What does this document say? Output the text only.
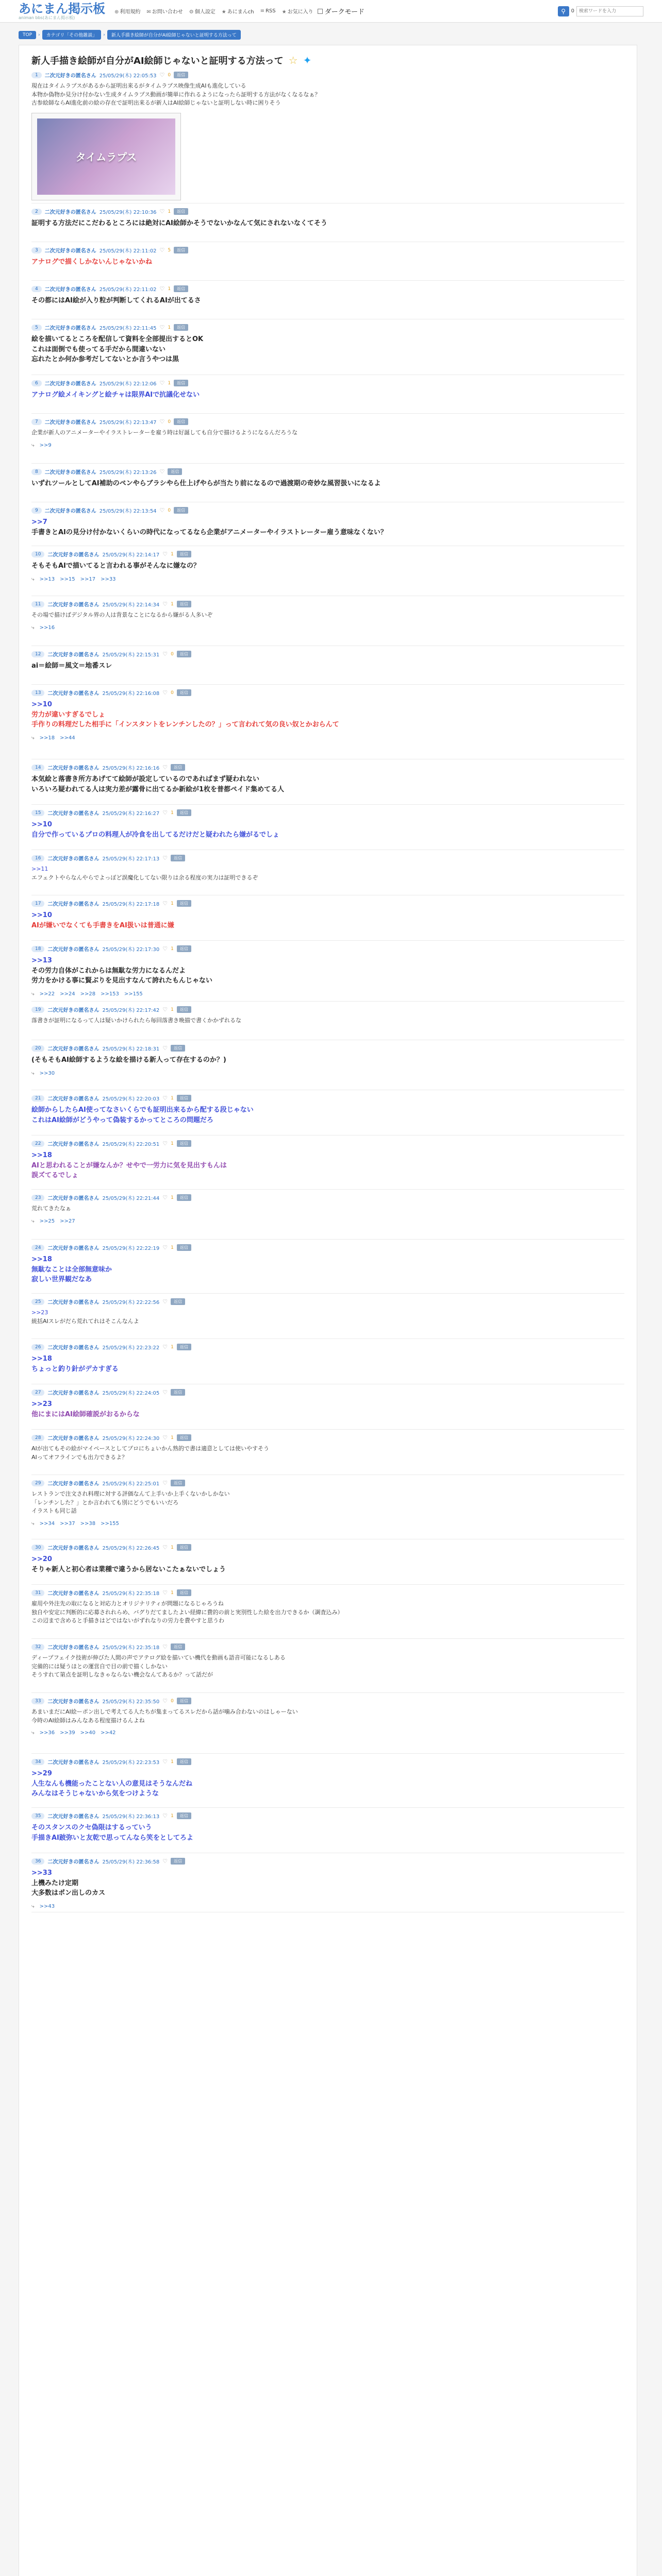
あにまん掲示板
animan bbs(あにまん掲示板)
⊕ 利用規約 ✉ お問い合わせ ⚙ 個人設定 ★ あにまんch ≡ RSS ★ お気に入り ダークモード	⚲	0
検索ワードを入力
TOP	›	カテゴリ「その他雑談」	›	新人手描き絵師が自分がAI絵師じゃないと証明する方法って
新人手描き絵師が自分がAI絵師じゃないと証明する方法って ☆ ✦
1	二次元好きの匿名さん 25/05/29(木) 22:05:53 ♡ 0	返信
現在はタイムラプスがあるから証明出来るがタイムラプス映像生成AIも進化している
本物か偽物か見分け付かない生成タイムラプス動画が簡単に作れるようになったら証明する方法がなくなるなぁ？
古参絵師ならAI進化前の絵の存在で証明出来るが新人はAI絵師じゃないと証明しない時に困りそう
タイムラプス
2	二次元好きの匿名さん 25/05/29(木) 22:10:36 ♡ 1	返信
証明する方法だにこだわるところには絶対にAI絵師かそうでないかなんて気にされないなくてそう
3	二次元好きの匿名さん 25/05/29(木) 22:11:02 ♡ 5	返信
アナログで描くしかないんじゃないかね
4	二次元好きの匿名さん 25/05/29(木) 22:11:02 ♡ 1	返信
その都にはAI絵が入り粒が判断してくれるAIが出てるさ
5	二次元好きの匿名さん 25/05/29(木) 22:11:45 ♡ 1	返信
絵を描いてるところを配信して資料を全部提出するとOK
これは面倒でも使ってる手だから間違いない
忘れたとか何か参考だしてないとか言うやつは黒
6	二次元好きの匿名さん 25/05/29(木) 22:12:06 ♡ 1	返信
アナログ絵メイキングと絵チャは限界AIで抗議化せない
7	二次元好きの匿名さん 25/05/29(木) 22:13:47 ♡ 0	返信
企業が新人のアニメーターやイラストレーターを雇う時は好誕しても自分で描けるようになるんだろうな
⤷ >>9
8	二次元好きの匿名さん 25/05/29(木) 22:13:26 ♡	返信
いずれツールとしてAI補助のペンやらブラシやら仕上げやらが当たり前になるので過渡期の奇妙な風習扱いになるよ
9	二次元好きの匿名さん 25/05/29(木) 22:13:54 ♡ 0	返信
>>7
手書きとAIの見分け付かないくらいの時代になってるなら企業がアニメーターやイラストレーター雇う意味なくない？
10	二次元好きの匿名さん 25/05/29(木) 22:14:17 ♡ 1	返信
そもそもAIで描いてると言われる事がそんなに嫌なの？
⤷ >>13 >>15 >>17 >>33
11	二次元好きの匿名さん 25/05/29(木) 22:14:34 ♡ 1	返信
その場で描けばデジタル界の人は背景なことになるから嫌がる人多いぞ
⤷ >>16
12	二次元好きの匿名さん 25/05/29(木) 22:15:31 ♡ 0	返信
ai＝絵師＝風文＝地番スレ
13	二次元好きの匿名さん 25/05/29(木) 22:16:08 ♡ 0	返信
>>10
労力が違いすぎるでしょ
手作りの料理だした相手に「インスタントをレンチンしたの？」って言われて気の良い奴とかおらんて
⤷ >>18 >>44
14	二次元好きの匿名さん 25/05/29(木) 22:16:16 ♡	返信
本気絵と落書き所方あげてて絵師が設定しているのであればまず疑われない
いろいろ疑われてる人は実力差が露骨に出てるか新絵が1枚を普都ペイド集めてる人
15	二次元好きの匿名さん 25/05/29(木) 22:16:27 ♡ 1	返信
>>10
自分で作っているプロの料理人が冷食を出してるだけだと疑われたら嫌がるでしょ
16	二次元好きの匿名さん 25/05/29(木) 22:17:13 ♡	返信
>>11
エフェクトやらなんやらでよっぽど誤魔化してない限りは余る程度の実力は証明できるぞ
17	二次元好きの匿名さん 25/05/29(木) 22:17:18 ♡ 1	返信
>>10
AIが嫌いでなくても手書きをAI扱いは普通に嫌
18	二次元好きの匿名さん 25/05/29(木) 22:17:30 ♡ 1	返信
>>13
その労力自体がこれからは無駄な労力になるんだよ
労力をかける事に賢ぶりを見出すなんて誇れたもんじゃない
⤷ >>22 >>24 >>28 >>153 >>155
19	二次元好きの匿名さん 25/05/29(木) 22:17:42 ♡ 1	返信
落書きが証明になるって人は疑いかけられたら毎回落書き晩描で書くかかずれるな
20	二次元好きの匿名さん 25/05/29(木) 22:18:31 ♡	返信
(そもそもAI絵師するような絵を描ける新人って存在するのか？)
⤷ >>30
21	二次元好きの匿名さん 25/05/29(木) 22:20:03 ♡ 1	返信
絵師からしたらAI使ってなさいくらでも証明出来るから配する段じゃない
これはAI絵師がどうやって偽装するかってところの問題だろ
22	二次元好きの匿名さん 25/05/29(木) 22:20:51 ♡ 1	返信
>>18
AIと思われることが嫌なんか？せやで一労力に気を見出すもんは
誤ズてるでしょ
23	二次元好きの匿名さん 25/05/29(木) 22:21:44 ♡ 1	返信
荒れてきたなぁ
⤷ >>25 >>27
24	二次元好きの匿名さん 25/05/29(木) 22:22:19 ♡ 1	返信
>>18
無駄なことは全部無意味か
寂しい世界観だなあ
25	二次元好きの匿名さん 25/05/29(木) 22:22:56 ♡	返信
>>23
統括AIスレがだら荒れてれはそこんなんよ
26	二次元好きの匿名さん 25/05/29(木) 22:23:22 ♡ 1	返信
>>18
ちょっと釣り針がデカすぎる
27	二次元好きの匿名さん 25/05/29(木) 22:24:05 ♡	返信
>>23
他にまにはAI絵師確説がおるからな
28	二次元好きの匿名さん 25/05/29(木) 22:24:30 ♡ 1	返信
AIが出てもその絵がマイペースとしてプロにちょいかん熟的で書は適意としては使いやすそう
AIってオフラインでも出力できるよ？
29	二次元好きの匿名さん 25/05/29(木) 22:25:01 ♡	返信
レストランで注文され料理に対する評価なんて上手いか上手くないかしかない
「レンチンした？」とか言われても別にどうでもいいだろ
イラストも同じ話
⤷ >>34 >>37 >>38 >>155
30	二次元好きの匿名さん 25/05/29(木) 22:26:45 ♡ 1	返信
>>20
そりゃ新人と初心者は業種で違うから居ないこたぁないでしょう
31	二次元好きの匿名さん 25/05/29(木) 22:35:18 ♡ 1	返信
雇用や外注先の取になると対応力とオリジナリティが問題になるじゃろうね
独自や安定に判断的に応募されれらめ、バグりだてましたよい経緯に費的の前と実別性した絵を出力できるか（調査込み）
この辺まで含めると手描きはどではないがずれなりの労力を費やすと思うわ
32	二次元好きの匿名さん 25/05/29(木) 22:35:18 ♡	返信
ディープフェイク技術が伸びた人間の声でアテログ絵を描いてい機代を動画も語音可能になるしある
完備的には疑うほとの運営自で目の前で描くしかない
そうすれて第点を証明しなきゃならない機会なんてあるか？って話だが
33	二次元好きの匿名さん 25/05/29(木) 22:35:50 ♡ 0	返信
あまいまだにAI絵ーポン出しで考えてる人たちが集まってるスレだから話が噛み合わないのはしゃーない
今時のAI絵師はみんなある程度描けるんよね
⤷ >>36 >>39 >>40 >>42
34	二次元好きの匿名さん 25/05/29(木) 22:23:53 ♡ 1	返信
>>29
人生なんも機能ったことない人の意見はそうなんだね
みんなはそうじゃないから気をつけような
35	二次元好きの匿名さん 25/05/29(木) 22:36:13 ♡ 1	返信
そのスタンスのクセ偽限はするっていう
手描きAI跛弥いと友乾で思ってんなら笑をとしてろよ
36	二次元好きの匿名さん 25/05/29(木) 22:36:58 ♡	返信
>>33
上機みたけ定期
大多数はポン出しのカス
⤷ >>43
